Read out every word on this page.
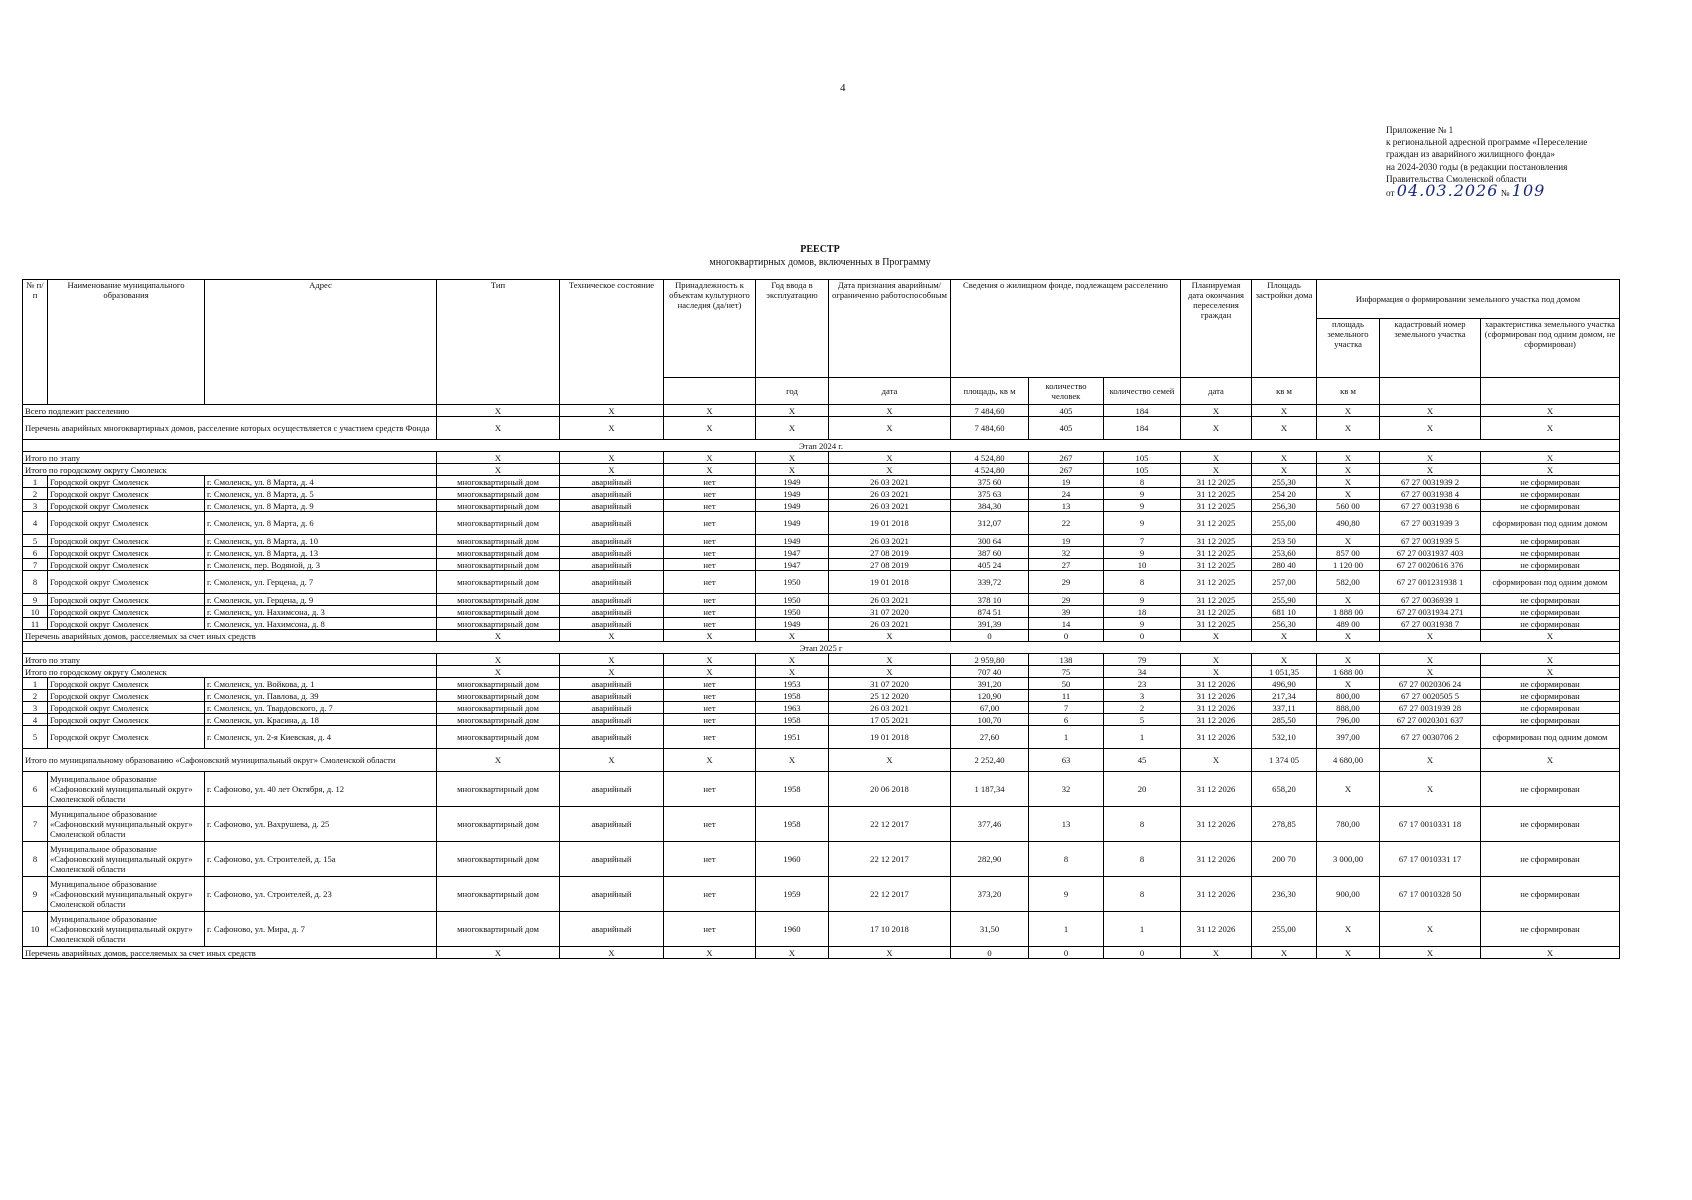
4
Приложение № 1
к региональной адресной программе «Переселение
граждан из аварийного жилищного фонда»
на 2024-2030 годы (в редакции постановления
Правительства Смоленской области
от 04.03.2026 № 109
РЕЕСТР
многоквартирных домов, включенных в Программу
№ п/п	Наименование муниципального образования	Адрес	Тип	Техническое состояние	Принадлежность к объектам культурного наследия (да/нет)	Год ввода в эксплуатацию	Дата признания аварийным/ограниченно работоспособным	Сведения о жилищном фонде, подлежащем расселению			Планируемая дата окончания переселения граждан	Площадь застройки дома	Информация о формировании земельного участка под домом		
													площадь земельного участка	кадастровый номер земельного участка	характеристика земельного участка (сформирован под одним домом, не сформирован)
						год	дата	площадь, кв м	количество человек	количество семей	дата	кв м	кв м		
Всего подлежит расселению			X	X	X	X	X	7 484,60	405	184	X	X	X	X	X
Перечень аварийных многоквартирных домов, расселение которых осуществляется с участием средств Фонда			X	X	X	X	X	7 484,60	405	184	X	X	X	X	X
Этап 2024 г.															
Итого по этапу			X	X	X	X	X	4 524,80	267	105	X	X	X	X	X
Итого по городскому округу Смоленск			X	X	X	X	X	4 524,80	267	105	X	X	X	X	X
1	Городской округ Смоленск	г. Смоленск, ул. 8 Марта, д. 4	многоквартирный дом	аварийный	нет	1949	26 03 2021	375 60	19	8	31 12 2025	255,30	X	67 27 0031939 2	не сформирован
2	Городской округ Смоленск	г. Смоленск, ул. 8 Марта, д. 5	многоквартирный дом	аварийный	нет	1949	26 03 2021	375 63	24	9	31 12 2025	254 20	X	67 27 0031938 4	не сформирован
3	Городской округ Смоленск	г. Смоленск, ул. 8 Марта, д. 9	многоквартирный дом	аварийный	нет	1949	26 03 2021	384,30	13	9	31 12 2025	256,30	560 00	67 27 0031938 6	не сформирован
4	Городской округ Смоленск	г. Смоленск, ул. 8 Марта, д. 6	многоквартирный дом	аварийный	нет	1949	19 01 2018	312,07	22	9	31 12 2025	255,00	490,80	67 27 0031939 3	сформирован под одним домом
5	Городской округ Смоленск	г. Смоленск, ул. 8 Марта, д. 10	многоквартирный дом	аварийный	нет	1949	26 03 2021	300 64	19	7	31 12 2025	253 50	X	67 27 0031939 5	не сформирован
6	Городской округ Смоленск	г. Смоленск, ул. 8 Марта, д. 13	многоквартирный дом	аварийный	нет	1947	27 08 2019	387 60	32	9	31 12 2025	253,60	857 00	67 27 0031937 403	не сформирован
7	Городской округ Смоленск	г. Смоленск, пер. Водяной, д. 3	многоквартирный дом	аварийный	нет	1947	27 08 2019	405 24	27	10	31 12 2025	280 40	1 120 00	67 27 0020616 376	не сформирован
8	Городской округ Смоленск	г. Смоленск, ул. Герцена, д. 7	многоквартирный дом	аварийный	нет	1950	19 01 2018	339,72	29	8	31 12 2025	257,00	582,00	67 27 001231938 1	сформирован под одним домом
9	Городской округ Смоленск	г. Смоленск, ул. Герцена, д. 9	многоквартирный дом	аварийный	нет	1950	26 03 2021	378 10	29	9	31 12 2025	255,90	X	67 27 0036939 1	не сформирован
10	Городской округ Смоленск	г. Смоленск, ул. Нахимсона, д. 3	многоквартирный дом	аварийный	нет	1950	31 07 2020	874 51	39	18	31 12 2025	681 10	1 888 00	67 27 0031934 271	не сформирован
11	Городской округ Смоленск	г. Смоленск, ул. Нахимсона, д. 8	многоквартирный дом	аварийный	нет	1949	26 03 2021	391,39	14	9	31 12 2025	256,30	489 00	67 27 0031938 7	не сформирован
Перечень аварийных домов, расселяемых за счет иных средств			X	X	X	X	X	0	0	0	X	X	X	X	X
Этап 2025 г															
Итого по этапу			X	X	X	X	X	2 959,80	138	79	X	X	X	X	X
Итого по городскому округу Смоленск			X	X	X	X	X	707 40	75	34	X	1 051,35	1 688 00	X	X
1	Городской округ Смоленск	г. Смоленск, ул. Войкова, д. 1	многоквартирный дом	аварийный	нет	1953	31 07 2020	391,20	50	23	31 12 2026	496,90	X	67 27 0020306 24	не сформирован
2	Городской округ Смоленск	г. Смоленск, ул. Павлова, д. 39	многоквартирный дом	аварийный	нет	1958	25 12 2020	120,90	11	3	31 12 2026	217,34	800,00	67 27 0020505 5	не сформирован
3	Городской округ Смоленск	г. Смоленск, ул. Твардовского, д. 7	многоквартирный дом	аварийный	нет	1963	26 03 2021	67,00	7	2	31 12 2026	337,11	888,00	67 27 0031939 28	не сформирован
4	Городской округ Смоленск	г. Смоленск, ул. Красина, д. 18	многоквартирный дом	аварийный	нет	1958	17 05 2021	100,70	6	5	31 12 2026	285,50	796,00	67 27 0020301 637	не сформирован
5	Городской округ Смоленск	г. Смоленск, ул. 2-я Киевская, д. 4	многоквартирный дом	аварийный	нет	1951	19 01 2018	27,60	1	1	31 12 2026	532,10	397,00	67 27 0030706 2	сформирован под одним домом
Итого по муниципальному образованию «Сафоновский муниципальный округ» Смоленской области			X	X	X	X	X	2 252,40	63	45	X	1 374 05	4 680,00	X	X
6	Муниципальное образование «Сафоновский муниципальный округ» Смоленской области	г. Сафоново, ул. 40 лет Октября, д. 12	многоквартирный дом	аварийный	нет	1958	20 06 2018	1 187,34	32	20	31 12 2026	658,20	X	X	не сформирован
7	Муниципальное образование «Сафоновский муниципальный округ» Смоленской области	г. Сафоново, ул. Вахрушева, д. 25	многоквартирный дом	аварийный	нет	1958	22 12 2017	377,46	13	8	31 12 2026	278,85	780,00	67 17 0010331 18	не сформирован
8	Муниципальное образование «Сафоновский муниципальный округ» Смоленской области	г. Сафоново, ул. Строителей, д. 15а	многоквартирный дом	аварийный	нет	1960	22 12 2017	282,90	8	8	31 12 2026	200 70	3 000,00	67 17 0010331 17	не сформирован
9	Муниципальное образование «Сафоновский муниципальный округ» Смоленской области	г. Сафоново, ул. Строителей, д. 23	многоквартирный дом	аварийный	нет	1959	22 12 2017	373,20	9	8	31 12 2026	236,30	900,00	67 17 0010328 50	не сформирован
10	Муниципальное образование «Сафоновский муниципальный округ» Смоленской области	г. Сафоново, ул. Мира, д. 7	многоквартирный дом	аварийный	нет	1960	17 10 2018	31,50	1	1	31 12 2026	255,00	X	X	не сформирован
Перечень аварийных домов, расселяемых за счет иных средств			X	X	X	X	X	0	0	0	X	X	X	X	X
